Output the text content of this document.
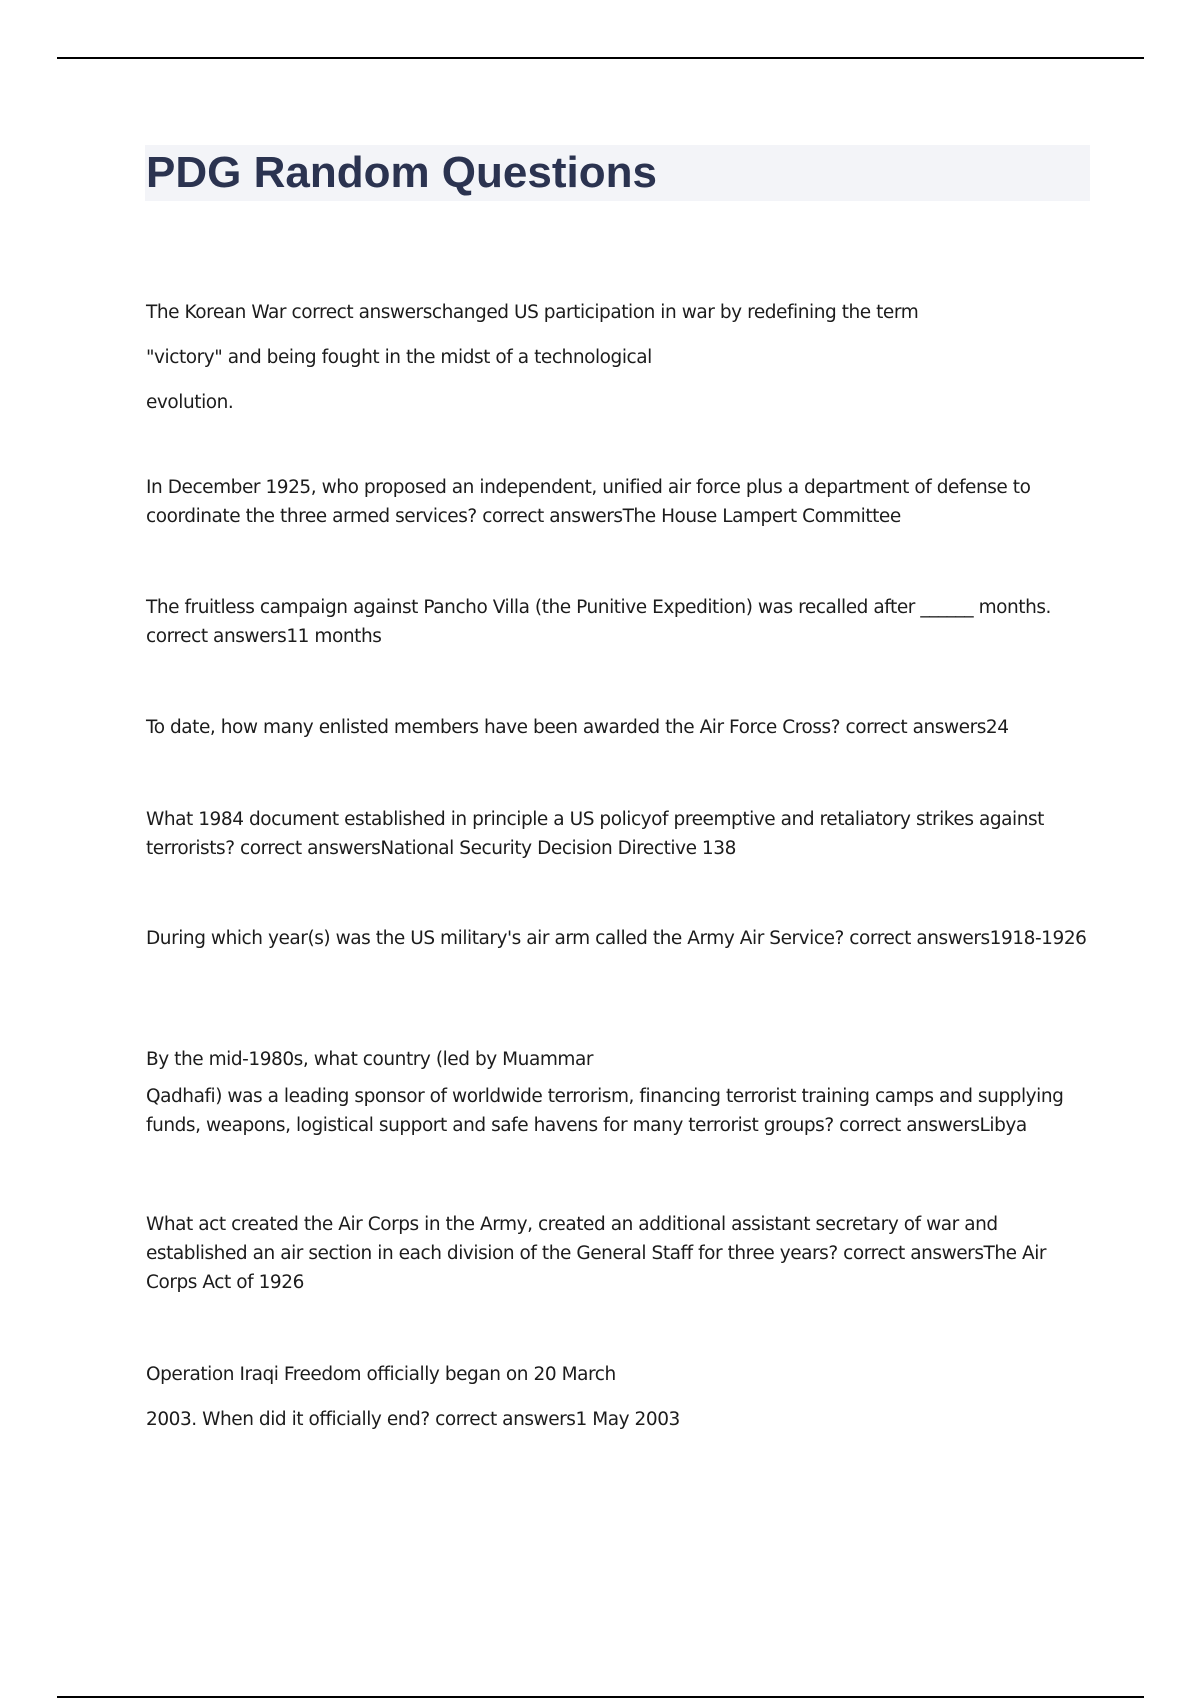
PDG Random Questions

The Korean War correct answerschanged US participation in war by redefining the term

"victory" and being fought in the midst of a technological

evolution.

In December 1925, who proposed an independent, unified air force plus a department of defense to coordinate the three armed services? correct answersThe House Lampert Committee

The fruitless campaign against Pancho Villa (the Punitive Expedition) was recalled after ______ months. correct answers11 months

To date, how many enlisted members have been awarded the Air Force Cross? correct answers24

What 1984 document established in principle a US policyof preemptive and retaliatory strikes against terrorists? correct answersNational Security Decision Directive 138

During which year(s) was the US military's air arm called the Army Air Service? correct answers1918-1926

By the mid-1980s, what country (led by Muammar

Qadhafi) was a leading sponsor of worldwide terrorism, financing terrorist training camps and supplying funds, weapons, logistical support and safe havens for many terrorist groups? correct answersLibya

What act created the Air Corps in the Army, created an additional assistant secretary of war and established an air section in each division of the General Staff for three years? correct answersThe Air Corps Act of 1926

Operation Iraqi Freedom officially began on 20 March

2003. When did it officially end? correct answers1 May 2003
